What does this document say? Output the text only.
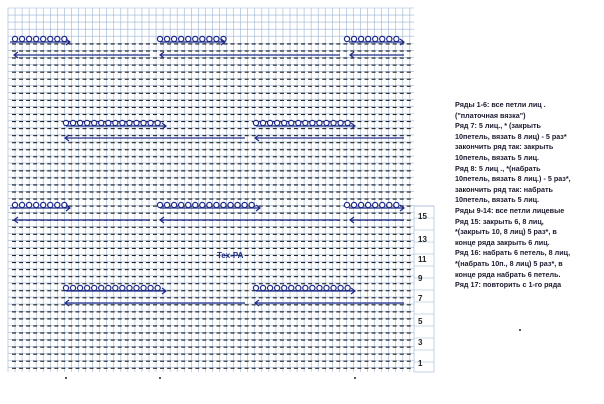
Tex-PA
15
13
11
9
7
5
3
1
Ряды 1-6: все петли лиц .
("платочная вязка")
Ряд 7: 5 лиц., * (закрыть
10петель, вязать 8 лиц) - 5 раз*
закончить ряд так: закрыть
10петель, вязать 5 лиц.
Ряд 8: 5 лиц ., *(набрать
10петель, вязать 8 лиц.) - 5 раз*,
закончить ряд так: набрать
10петель, вязать 5 лиц.
Ряды 9-14: все петли лицевые
Ряд 15: закрыть 6, 8 лиц,
*(закрыть 10, 8 лиц) 5 раз*, в
конце ряда закрыть 6 лиц.
Ряд 16: набрать 6 петель, 8 лиц,
*(набрать 10п., 8 лиц) 5 раз*, в
конце ряда набрать 6 петель.
Ряд 17: повторить с 1-го ряда
